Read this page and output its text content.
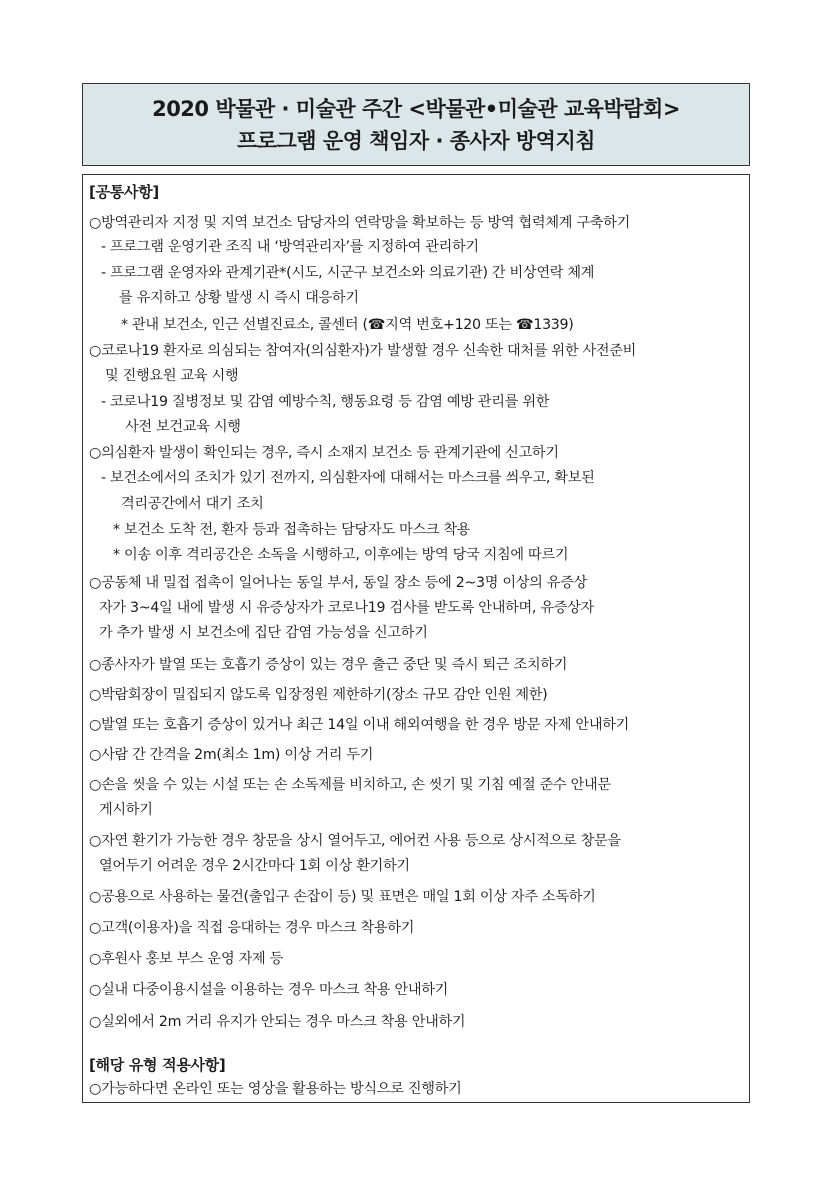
2020 박물관 · 미술관 주간 <박물관•미술관 교육박람회>
프로그램 운영 책임자 · 종사자 방역지침
[공통사항]
○방역관리자 지정 및 지역 보건소 담당자의 연락망을 확보하는 등 방역 협력체계 구축하기
- 프로그램 운영기관 조직 내 ‘방역관리자’를 지정하여 관리하기
- 프로그램 운영자와 관계기관*(시도, 시군구 보건소와 의료기관) 간 비상연락 체계
를 유지하고 상황 발생 시 즉시 대응하기
* 관내 보건소, 인근 선별진료소, 콜센터 (☎지역 번호+120 또는 ☎1339)
○코로나19 환자로 의심되는 참여자(의심환자)가 발생할 경우 신속한 대처를 위한 사전준비
및 진행요원 교육 시행
- 코로나19 질병정보 및 감염 예방수칙, 행동요령 등 감염 예방 관리를 위한
사전 보건교육 시행
○의심환자 발생이 확인되는 경우, 즉시 소재지 보건소 등 관계기관에 신고하기
- 보건소에서의 조치가 있기 전까지, 의심환자에 대해서는 마스크를 씌우고, 확보된
격리공간에서 대기 조치
* 보건소 도착 전, 환자 등과 접촉하는 담당자도 마스크 착용
* 이송 이후 격리공간은 소독을 시행하고, 이후에는 방역 당국 지침에 따르기
○공동체 내 밀접 접촉이 일어나는 동일 부서, 동일 장소 등에 2~3명 이상의 유증상
자가 3~4일 내에 발생 시 유증상자가 코로나19 검사를 받도록 안내하며, 유증상자
가 추가 발생 시 보건소에 집단 감염 가능성을 신고하기
○종사자가 발열 또는 호흡기 증상이 있는 경우 출근 중단 및 즉시 퇴근 조치하기
○박람회장이 밀집되지 않도록 입장정원 제한하기(장소 규모 감안 인원 제한)
○발열 또는 호흡기 증상이 있거나 최근 14일 이내 해외여행을 한 경우 방문 자제 안내하기
○사람 간 간격을 2m(최소 1m) 이상 거리 두기
○손을 씻을 수 있는 시설 또는 손 소독제를 비치하고, 손 씻기 및 기침 예절 준수 안내문
게시하기
○자연 환기가 가능한 경우 창문을 상시 열어두고, 에어컨 사용 등으로 상시적으로 창문을
열어두기 어려운 경우 2시간마다 1회 이상 환기하기
○공용으로 사용하는 물건(출입구 손잡이 등) 및 표면은 매일 1회 이상 자주 소독하기
○고객(이용자)을 직접 응대하는 경우 마스크 착용하기
○후원사 홍보 부스 운영 자제 등
○실내 다중이용시설을 이용하는 경우 마스크 착용 안내하기
○실외에서 2m 거리 유지가 안되는 경우 마스크 착용 안내하기
[해당 유형 적용사항]
○가능하다면 온라인 또는 영상을 활용하는 방식으로 진행하기
